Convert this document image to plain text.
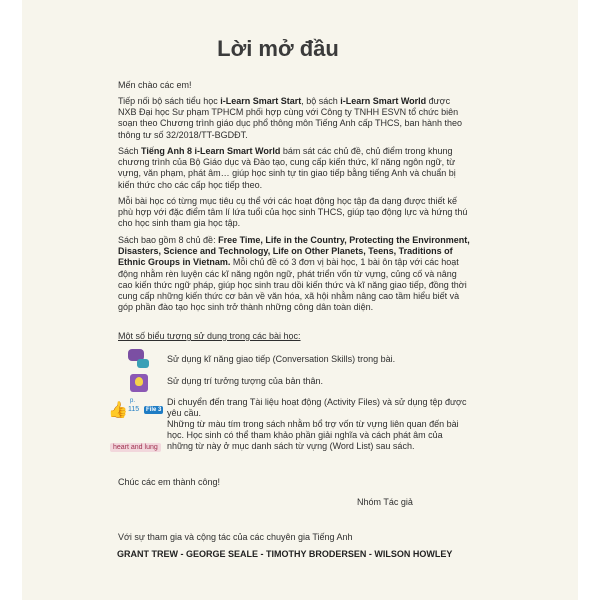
Lời mở đầu
Mến chào các em!
Tiếp nối bộ sách tiểu học i-Learn Smart Start, bộ sách i-Learn Smart World được NXB Đại học Sư phạm TPHCM phối hợp cùng với Công ty TNHH ESVN tổ chức biên soạn theo Chương trình giáo dục phổ thông môn Tiếng Anh cấp THCS, ban hành theo thông tư số 32/2018/TT-BGDĐT.
Sách Tiếng Anh 8 i-Learn Smart World bám sát các chủ đề, chủ điểm trong khung chương trình của Bộ Giáo dục và Đào tạo, cung cấp kiến thức, kĩ năng ngôn ngữ, từ vựng, văn phạm, phát âm… giúp học sinh tự tin giao tiếp bằng tiếng Anh và chuẩn bị kiến thức cho các cấp học tiếp theo.
Mỗi bài học có từng mục tiêu cụ thể với các hoạt động học tập đa dạng được thiết kế phù hợp với đặc điểm tâm lí lứa tuổi của học sinh THCS, giúp tạo động lực và hứng thú cho học sinh tham gia học tập.
Sách bao gồm 8 chủ đề: Free Time, Life in the Country, Protecting the Environment, Disasters, Science and Technology, Life on Other Planets, Teens, Traditions of Ethnic Groups in Vietnam. Mỗi chủ đề có 3 đơn vị bài học, 1 bài ôn tập với các hoạt động nhằm rèn luyện các kĩ năng ngôn ngữ, phát triển vốn từ vựng, củng cố và nâng cao kiến thức ngữ pháp, giúp học sinh trau dồi kiến thức và kĩ năng giao tiếp, đồng thời cung cấp những kiến thức cơ bản về văn hóa, xã hội nhằm nâng cao tầm hiểu biết và góp phần đào tạo học sinh trở thành những công dân toàn diện.
Một số biểu tượng sử dụng trong các bài học:
Sử dụng kĩ năng giao tiếp (Conversation Skills) trong bài.
Sử dụng trí tưởng tượng của bản thân.
👍
p.
115	File 3
Di chuyển đến trang Tài liệu hoạt động (Activity Files) và sử dụng tệp được yêu cầu.
heart and lung
Những từ màu tím trong sách nhằm bổ trợ vốn từ vựng liên quan đến bài học. Học sinh có thể tham khảo phần giải nghĩa và cách phát âm của những từ này ở mục danh sách từ vựng (Word List) sau sách.
Chúc các em thành công!
Nhóm Tác giả
Với sự tham gia và cộng tác của các chuyên gia Tiếng Anh
GRANT TREW - GEORGE SEALE - TIMOTHY BRODERSEN - WILSON HOWLEY
